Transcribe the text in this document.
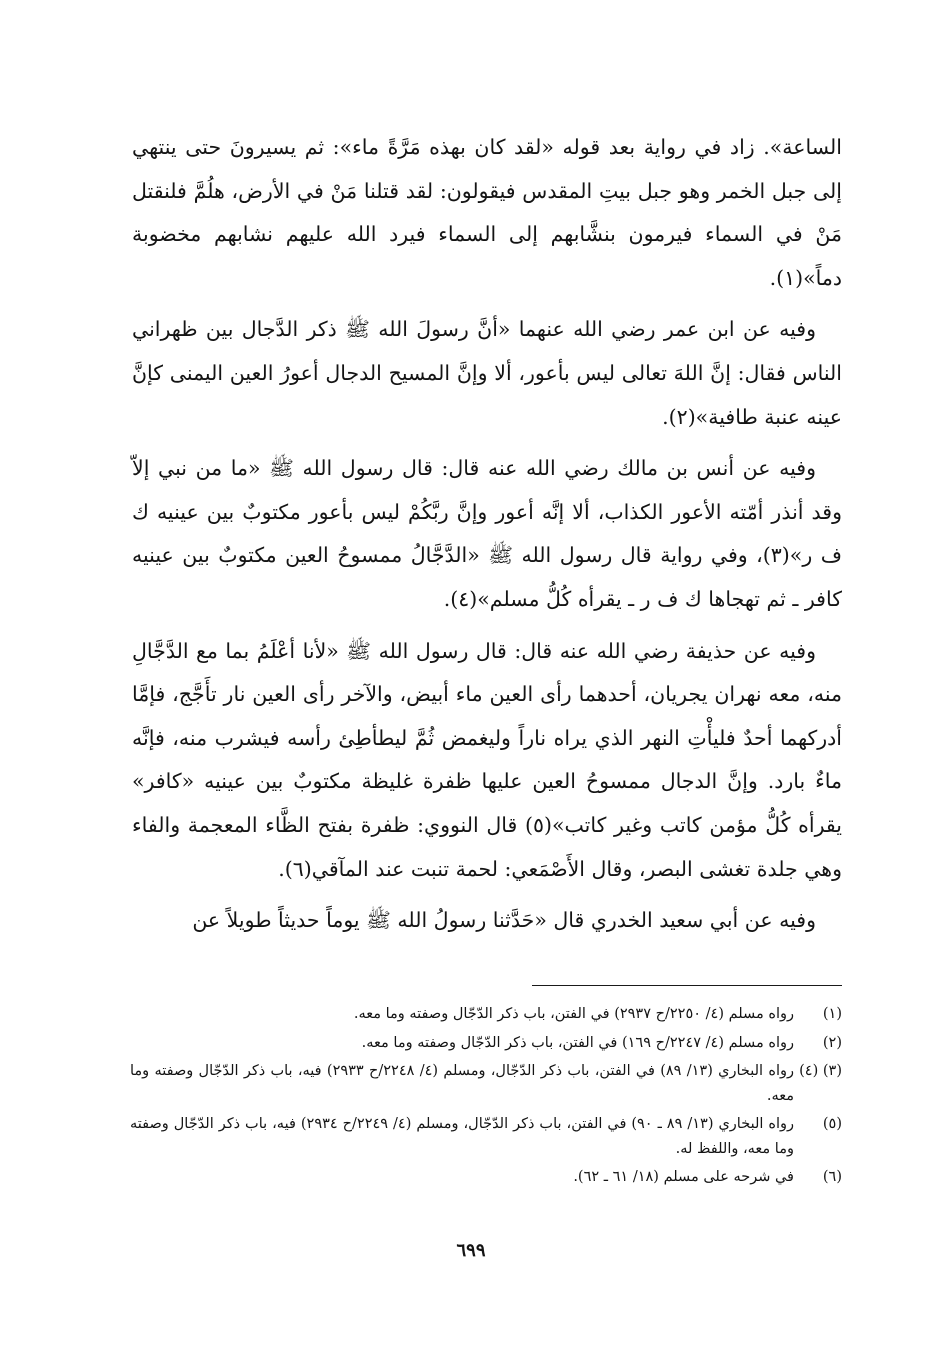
الساعة». زاد في رواية بعد قوله «لقد كان بهذه مَرَّةً ماء»: ثم يسيرونَ حتى ينتهي إلى جبل الخمر وهو جبل بيتِ المقدس فيقولون: لقد قتلنا مَنْ في الأرض، هلُمَّ فلنقتل مَنْ في السماء فيرمون بنشَّابهم إلى السماء فيرد الله عليهم نشابهم مخضوبة دماً»(١).

وفيه عن ابن عمر رضي الله عنهما «أنَّ رسولَ الله ﷺ ذكر الدَّجال بين ظهراني الناس فقال: إنَّ اللهَ تعالى ليس بأعور، ألا وإنَّ المسيح الدجال أعورُ العين اليمنى كإنَّ عينه عنبة طافية»(٢).

وفيه عن أنس بن مالك رضي الله عنه قال: قال رسول الله ﷺ «ما من نبي إلاّ وقد أنذر أمّته الأعور الكذاب، ألا إنَّه أعور وإنَّ ربَّكُمْ ليس بأعور مكتوبٌ بين عينيه ك ف ر»(٣)، وفي رواية قال رسول الله ﷺ «الدَّجَّالُ ممسوحُ العين مكتوبٌ بين عينيه كافر ـ ثم تهجاها ك ف ر ـ يقرأه كُلُّ مسلم»(٤).

وفيه عن حذيفة رضي الله عنه قال: قال رسول الله ﷺ «لأنا أعْلَمُ بما مع الدَّجَّالِ منه، معه نهران يجريان، أحدهما رأى العين ماء أبيض، والآخر رأى العين نار تأَجَّج، فإمَّا أدركهما أحدٌ فليأْتِ النهر الذي يراه ناراً وليغمض ثُمَّ ليطأطِئ رأسه فيشرب منه، فإنَّه ماءٌ بارد. وإنَّ الدجال ممسوحُ العين عليها ظفرة غليظة مكتوبٌ بين عينيه «كافر» يقرأه كُلُّ مؤمن كاتب وغير كاتب»(٥) قال النووي: ظفرة بفتح الظَّاء المعجمة والفاء وهي جلدة تغشى البصر، وقال الأَصْمَعي: لحمة تنبت عند المآقي(٦).

وفيه عن أبي سعيد الخدري قال «حَدَّثنا رسولُ الله ﷺ يوماً حديثاً طويلاً عن

(١)
رواه مسلم (٤/ ٢٢٥٠/ح ٢٩٣٧) في الفتن، باب ذكر الدّجّال وصفته وما معه.
(٢)
رواه مسلم (٤/ ٢٢٤٧/ح ١٦٩) في الفتن، باب ذكر الدّجّال وصفته وما معه.
(٣) (٤)
رواه البخاري (١٣/ ٨٩) في الفتن، باب ذكر الدّجّال، ومسلم (٤/ ٢٢٤٨/ح ٢٩٣٣) فيه، باب ذكر الدّجّال وصفته وما معه.
(٥)
رواه البخاري (١٣/ ٨٩ ـ ٩٠) في الفتن، باب ذكر الدّجّال، ومسلم (٤/ ٢٢٤٩/ح ٢٩٣٤) فيه، باب ذكر الدّجّال وصفته وما معه، واللفظ له.
(٦)
في شرحه على مسلم (١٨/ ٦١ ـ ٦٢).
٦٩٩
